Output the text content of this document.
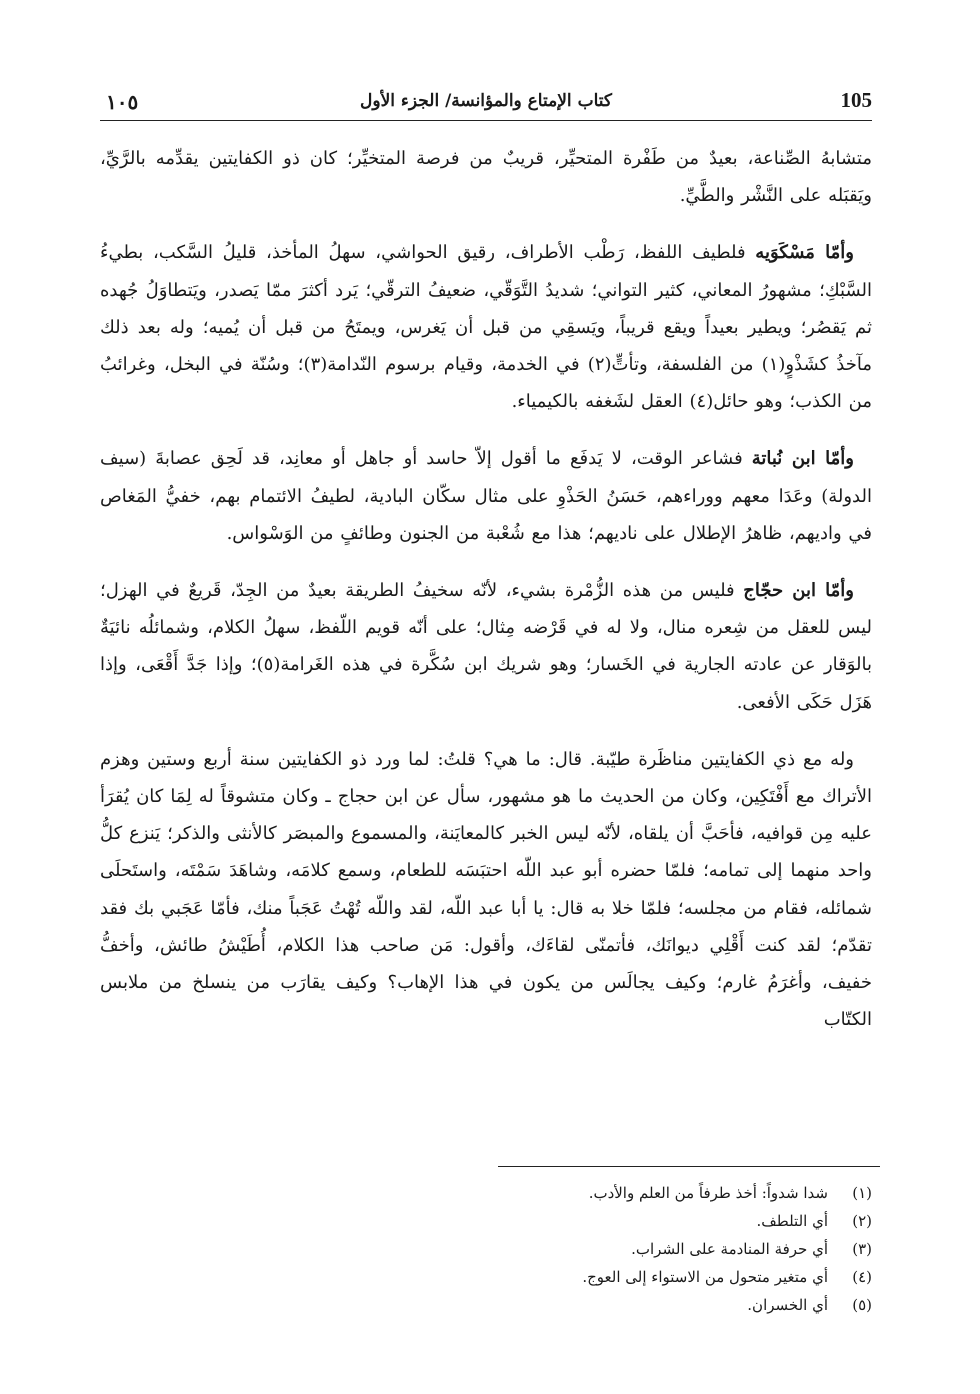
105
كتاب الإمتاع والمؤانسة/ الجزء الأول
١٠٥

متشابهُ الصِّناعة، بعيدٌ من طَفْرة المتحيِّر، قريبٌ من فرصة المتخيِّر؛ كان ذو الكفايتين يقدِّمه بالرَّيِّ، ويَقبَله على النَّشْر والطَّيِّ.

وأمّا مَسْكَوَيه فلطيف اللفظ، رَطْب الأطراف، رقيق الحواشي، سهلُ المأخذ، قليلُ السَّكب، بطيءُ السَّبْكِ؛ مشهورُ المعاني، كثير التواني؛ شديدُ التَّوَقّي، ضعيفُ الترقّي؛ يَرد أكثرَ ممّا يَصدر، ويَتطاوَلُ جُهده ثم يَقصُر؛ ويطير بعيداً ويقع قريباً، ويَسقِي من قبل أن يَغرس، ويمتَحُ من قبل أن يُميه؛ وله بعد ذلك مآخذُ كشَذْوٍ(١) من الفلسفة، وتأتٍّ(٢) في الخدمة، وقيام برسوم النّدامة(٣)؛ وسُنّة في البخل، وغرائبُ من الكذب؛ وهو حائل(٤) العقل لشَغفه بالكيمياء.

وأمّا ابن نُباتة فشاعر الوقت، لا يَدفَع ما أقول إلاّ حاسد أو جاهل أو معانِد، قد لَحِق عصابةَ (سيف الدولة) وعَدَا معهم ووراءهم، حَسَنُ الحَذْوِ على مثال سكّان البادية، لطيفُ الائتمام بهم، خفيُّ المَغاص في واديهم، ظاهرُ الإطلال على ناديهم؛ هذا مع شُعْبة من الجنون وطائفٍ من الوَسْواس.

وأمّا ابن حجّاج فليس من هذه الزُّمْرة بشيء، لأنّه سخيفُ الطريقة بعيدٌ من الجِدّ، قَريعٌ في الهزل؛ ليس للعقل من شِعره منال، ولا له في قَرْضه مِثال؛ على أنّه قويم اللّفظ، سهلُ الكلام، وشمائلُه نائيَةٌ بالوَقار عن عادته الجارية في الخَسار؛ وهو شريك ابن سُكَّرة في هذه الغَرامة(٥)؛ وإذا جَدَّ أَقْعَى، وإذا هَزَل حَكَى الأفعى.

وله مع ذي الكفايتين مناظَرة طيّبة. قال: ما هي؟ قلتُ: لما ورد ذو الكفايتين سنة أربع وستين وهزم الأتراك مع أَفْتَكِين، وكان من الحديث ما هو مشهور، سأل عن ابن حجاج ـ وكان متشوقاً له لِمَا كان يُقرَأ عليه مِن قوافيه، فأحَبَّ أن يلقاه، لأنّه ليس الخبر كالمعايَنة، والمسموع والمبصَر كالأنثى والذكر؛ يَنزع كلُّ واحد منهما إلى تمامه؛ فلمّا حضره أبو عبد اللّه احتبَسَه للطعام، وسمع كلامَه، وشاهَدَ سَمْتَه، واستَحلَى شمائله، فقام من مجلسه؛ فلمّا خلا به قال: يا أبا عبد اللّه، لقد واللّه تُهْتُ عَجَباً منك، فأمّا عَجَبي بك فقد تقدّم؛ لقد كنت أَقْلِي ديوانَك، فأتمنّى لقاءَك، وأقول: مَن صاحب هذا الكلام، أُطَيْشُ طائش، وأخفُّ خفيف، وأغرَمُ غارم؛ وكيف يجالَس من يكون في هذا الإهاب؟ وكيف يقارَب من ينسلخ من ملابس الكتّاب

(١)شدا شدواً: أخذ طرفاً من العلم والأدب.
(٢)أي التلطف.
(٣)أي حرفة المنادمة على الشراب.
(٤)أي متغير متحول من الاستواء إلى العوج.
(٥)أي الخسران.
